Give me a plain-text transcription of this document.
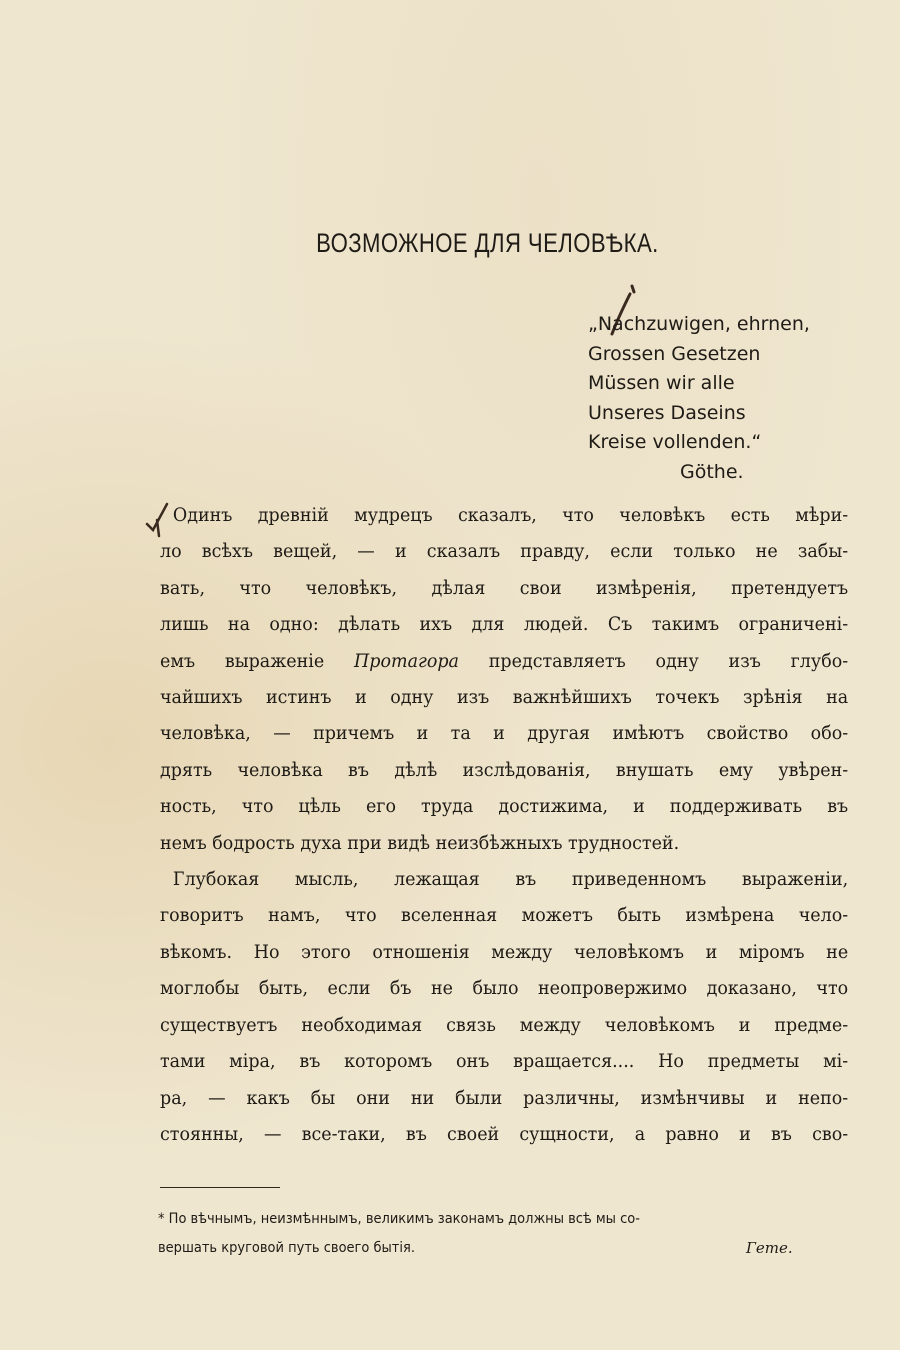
ВОЗМОЖНОЕ ДЛЯ ЧЕЛОВѢКА.
„Nachzuwigen, ehrnen,
Grossen Gesetzen
Müssen wir alle
Unseres Daseins
Kreise vollenden.“
Göthe.
Одинъ древній мудрецъ сказалъ, что человѣкъ есть мѣри-
ло всѣхъ вещей, — и сказалъ правду, если только не забы-
вать, что человѣкъ, дѣлая свои измѣренія, претендуетъ
лишь на одно: дѣлать ихъ для людей. Съ такимъ ограниченi-
емъ выраженіе Протагора представляетъ одну изъ глубо-
чайшихъ истинъ и одну изъ важнѣйшихъ точекъ зрѣнія на
человѣка, — причемъ и та и другая имѣютъ свойство обо-
дрять человѣка въ дѣлѣ изслѣдованія, внушать ему увѣрен-
ность, что цѣль его труда достижима, и поддерживать въ
немъ бодрость духа при видѣ неизбѣжныхъ трудностей.
Глубокая мысль, лежащая въ приведенномъ выраженіи,
говоритъ намъ, что вселенная можетъ быть измѣрена чело-
вѣкомъ. Но этого отношенія между человѣкомъ и міромъ не
моглобы быть, если бъ не было неопровержимо доказано, что
существуетъ необходимая связь между человѣкомъ и предме-
тами міра, въ которомъ онъ вращается.... Но предметы мі-
ра, — какъ бы они ни были различны, измѣнчивы и непо-
стоянны, — все-таки, въ своей сущности, а равно и въ сво-
* По вѣчнымъ, неизмѣннымъ, великимъ законамъ должны всѣ мы со-
вершать круговой путь своего бытія.	Гете.
